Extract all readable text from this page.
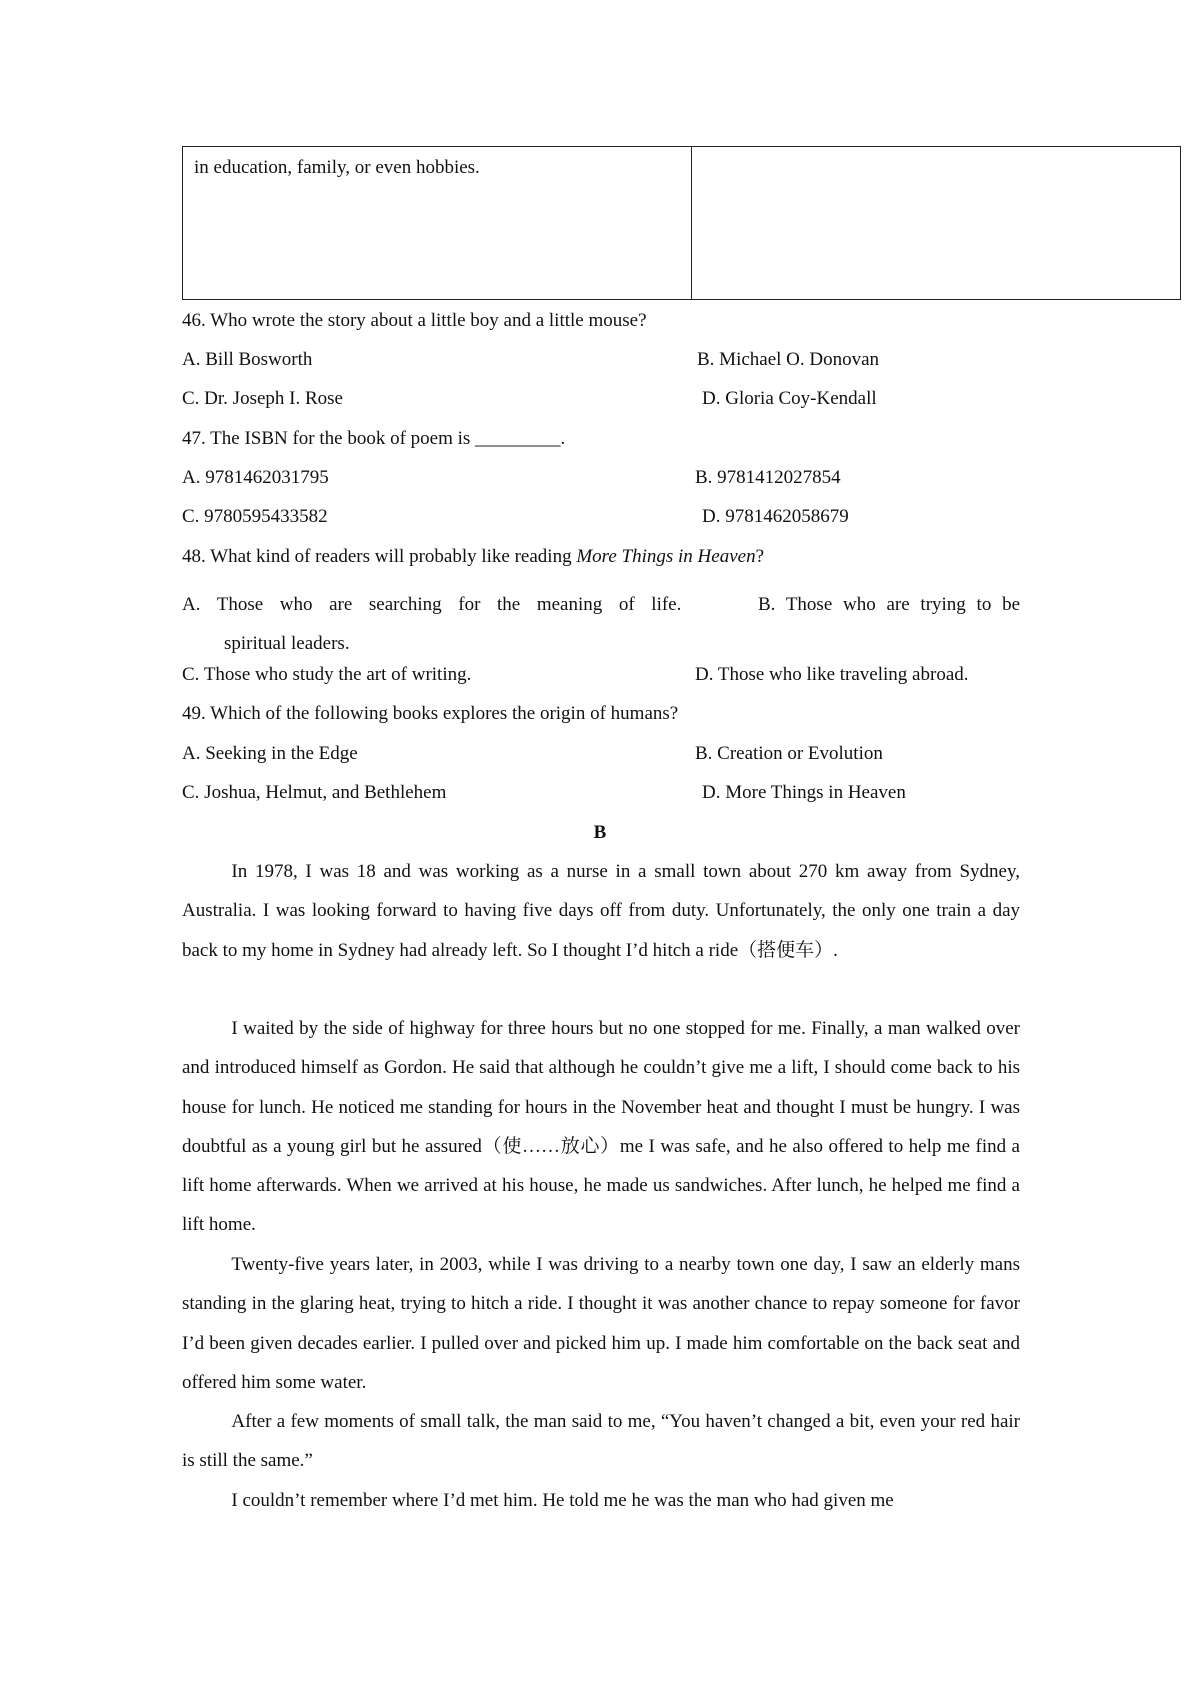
in education, family, or even hobbies.
46. Who wrote the story about a little boy and a little mouse?
A. Bill Bosworth	B. Michael O. Donovan
C. Dr. Joseph I. Rose	D. Gloria Coy-Kendall
47. The ISBN for the book of poem is _________.
A. 9781462031795	B. 9781412027854
C. 9780595433582	D. 9781462058679
48. What kind of readers will probably like reading More Things in Heaven?
A. Those who are searching for the meaning of life.	B. Those who are trying to be
spiritual leaders.
C. Those who study the art of writing.	D. Those who like traveling abroad.
49. Which of the following books explores the origin of humans?
A. Seeking in the Edge	B. Creation or Evolution
C. Joshua, Helmut, and Bethlehem	D. More Things in Heaven
B
In 1978, I was 18 and was working as a nurse in a small town about 270 km away from Sydney, Australia. I was looking forward to having five days off from duty. Unfortunately, the only one train a day back to my home in Sydney had already left. So I thought I’d hitch a ride（搭便车）.
I waited by the side of highway for three hours but no one stopped for me. Finally, a man walked over and introduced himself as Gordon. He said that although he couldn’t give me a lift, I should come back to his house for lunch. He noticed me standing for hours in the November heat and thought I must be hungry. I was doubtful as a young girl but he assured（使……放心）me I was safe, and he also offered to help me find a lift home afterwards. When we arrived at his house, he made us sandwiches. After lunch, he helped me find a lift home.
Twenty-five years later, in 2003, while I was driving to a nearby town one day, I saw an elderly mans standing in the glaring heat, trying to hitch a ride. I thought it was another chance to repay someone for favor I’d been given decades earlier. I pulled over and picked him up. I made him comfortable on the back seat and offered him some water.
After a few moments of small talk, the man said to me, “You haven’t changed a bit, even your red hair is still the same.”
I couldn’t remember where I’d met him. He told me he was the man who had given me
